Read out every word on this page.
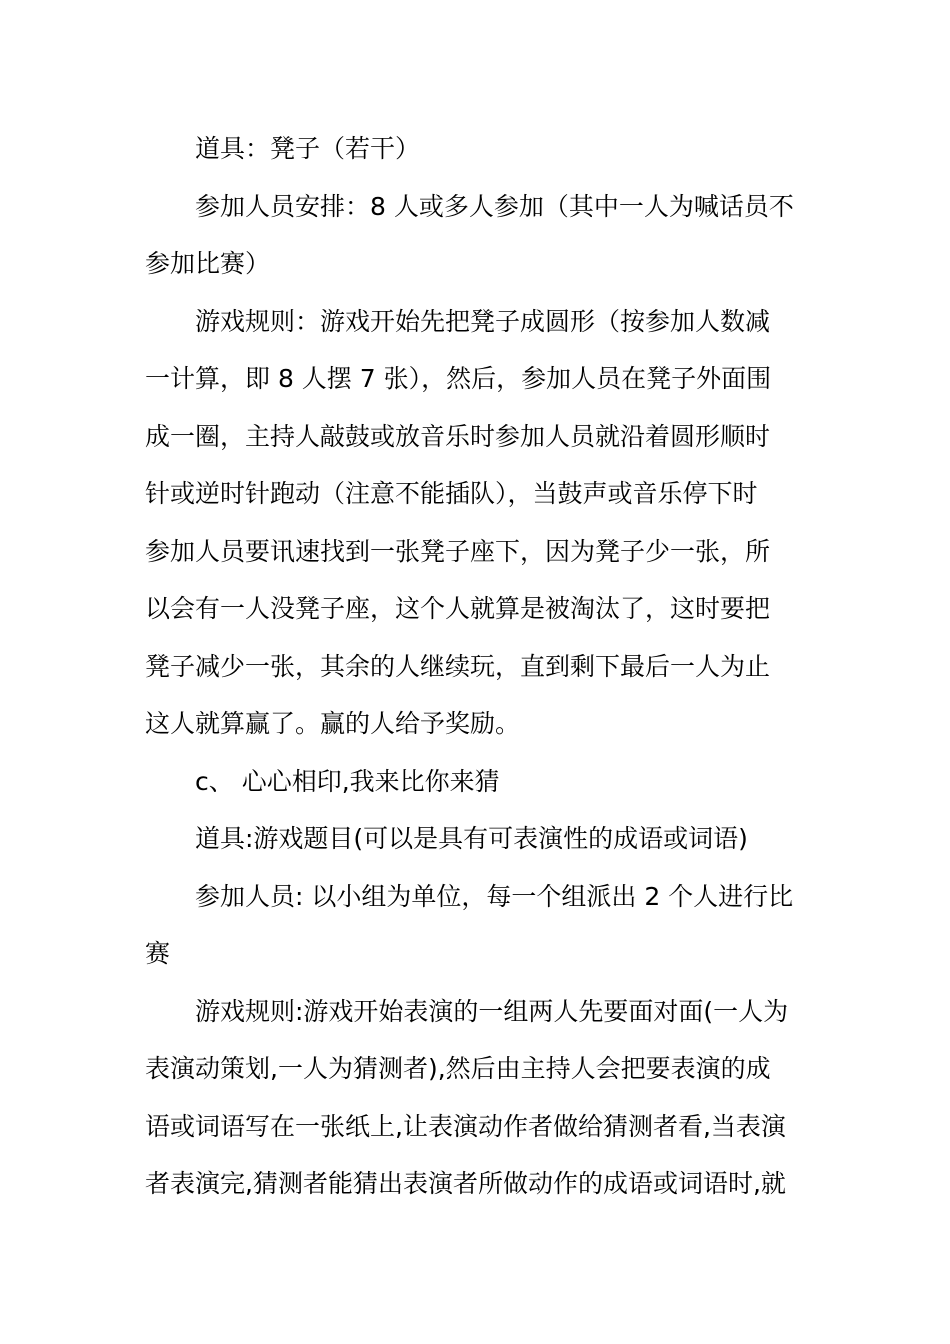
道具：凳子（若干）
参加人员安排：8 人或多人参加（其中一人为喊话员不
参加比赛）
游戏规则：游戏开始先把凳子成圆形（按参加人数减
一计算，即 8 人摆 7 张），然后，参加人员在凳子外面围
成一圈，主持人敲鼓或放音乐时参加人员就沿着圆形顺时
针或逆时针跑动（注意不能插队），当鼓声或音乐停下时
参加人员要讯速找到一张凳子座下，因为凳子少一张，所
以会有一人没凳子座，这个人就算是被淘汰了，这时要把
凳子减少一张，其余的人继续玩，直到剩下最后一人为止
这人就算赢了。赢的人给予奖励。
c、 心心相印,我来比你来猜
道具:游戏题目(可以是具有可表演性的成语或词语)
参加人员: 以小组为单位，每一个组派出 2 个人进行比
赛
游戏规则:游戏开始表演的一组两人先要面对面(一人为
表演动策划,一人为猜测者),然后由主持人会把要表演的成
语或词语写在一张纸上,让表演动作者做给猜测者看,当表演
者表演完,猜测者能猜出表演者所做动作的成语或词语时,就
